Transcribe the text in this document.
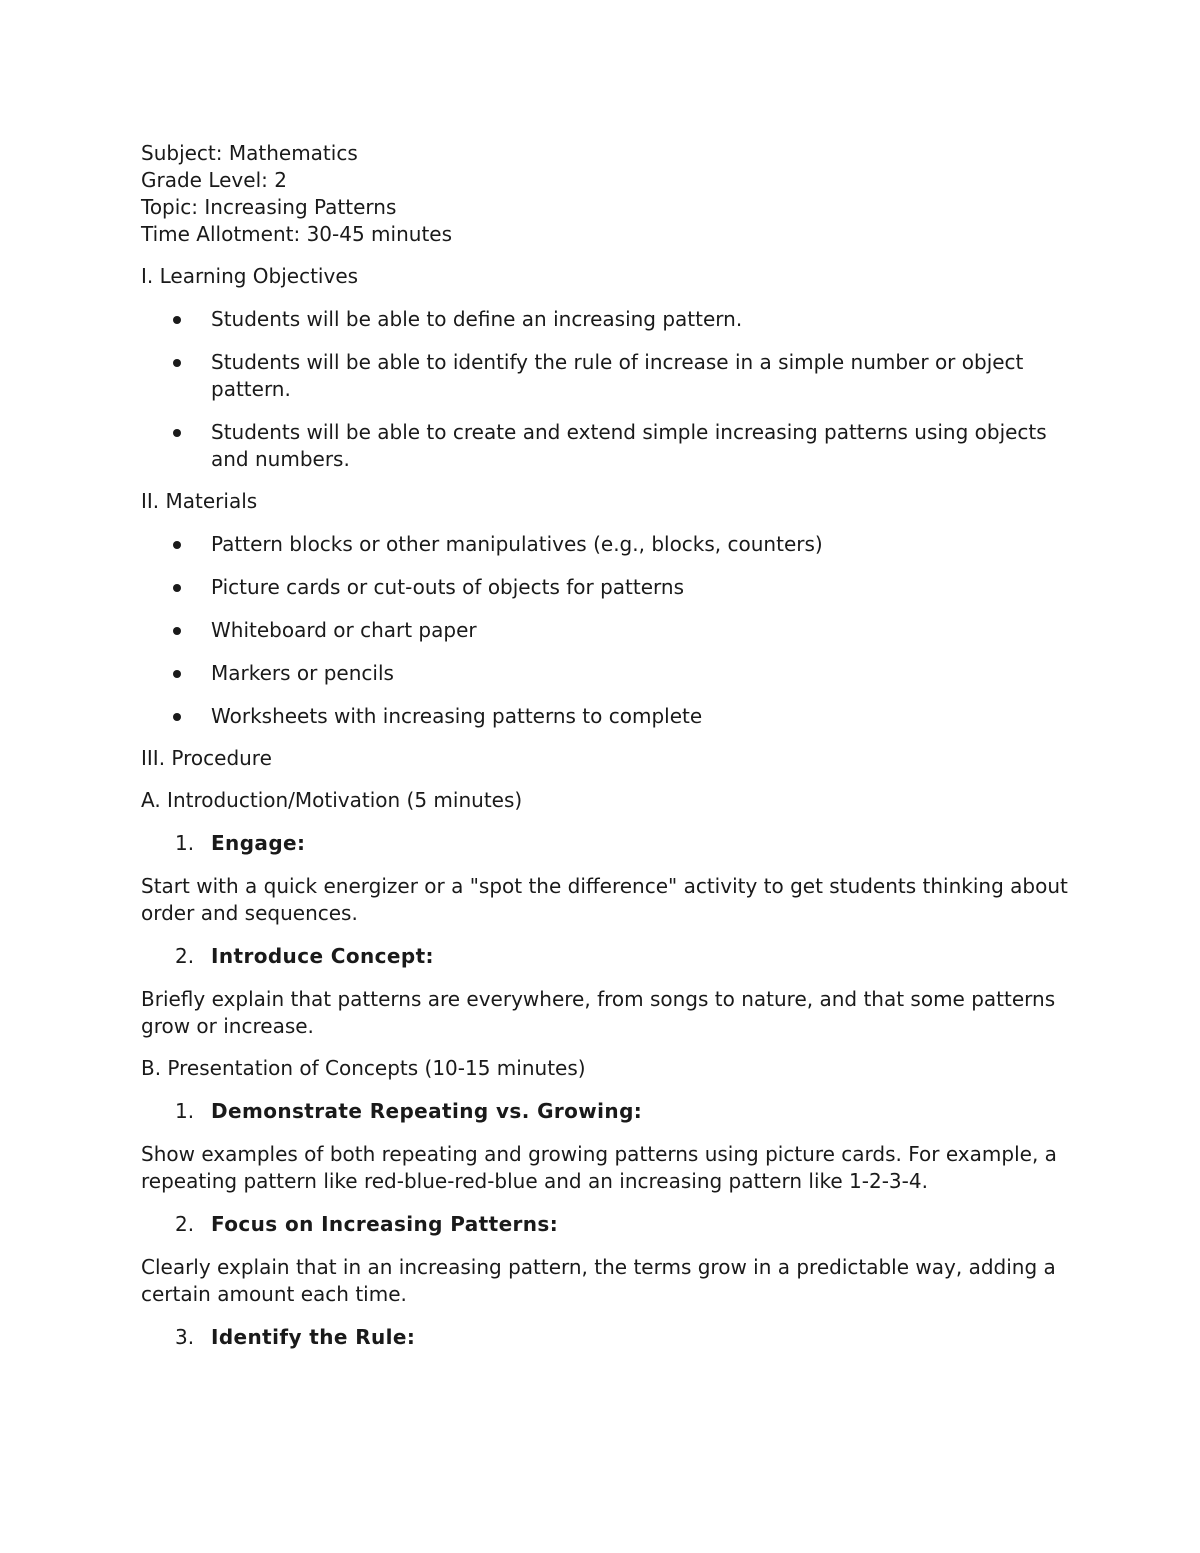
Subject: Mathematics

Grade Level: 2

Topic: Increasing Patterns

Time Allotment: 30-45 minutes

I. Learning Objectives

Students will be able to define an increasing pattern.
Students will be able to identify the rule of increase in a simple number or object pattern.
Students will be able to create and extend simple increasing patterns using objects and numbers.

II. Materials

Pattern blocks or other manipulatives (e.g., blocks, counters)
Picture cards or cut-outs of objects for patterns
Whiteboard or chart paper
Markers or pencils
Worksheets with increasing patterns to complete

III. Procedure

A. Introduction/Motivation (5 minutes)

1. Engage:

Start with a quick energizer or a "spot the difference" activity to get students thinking about order and sequences.

2. Introduce Concept:

Briefly explain that patterns are everywhere, from songs to nature, and that some patterns grow or increase.

B. Presentation of Concepts (10-15 minutes)

1. Demonstrate Repeating vs. Growing:

Show examples of both repeating and growing patterns using picture cards. For example, a repeating pattern like red-blue-red-blue and an increasing pattern like 1-2-3-4.

2. Focus on Increasing Patterns:

Clearly explain that in an increasing pattern, the terms grow in a predictable way, adding a certain amount each time.

3. Identify the Rule:
